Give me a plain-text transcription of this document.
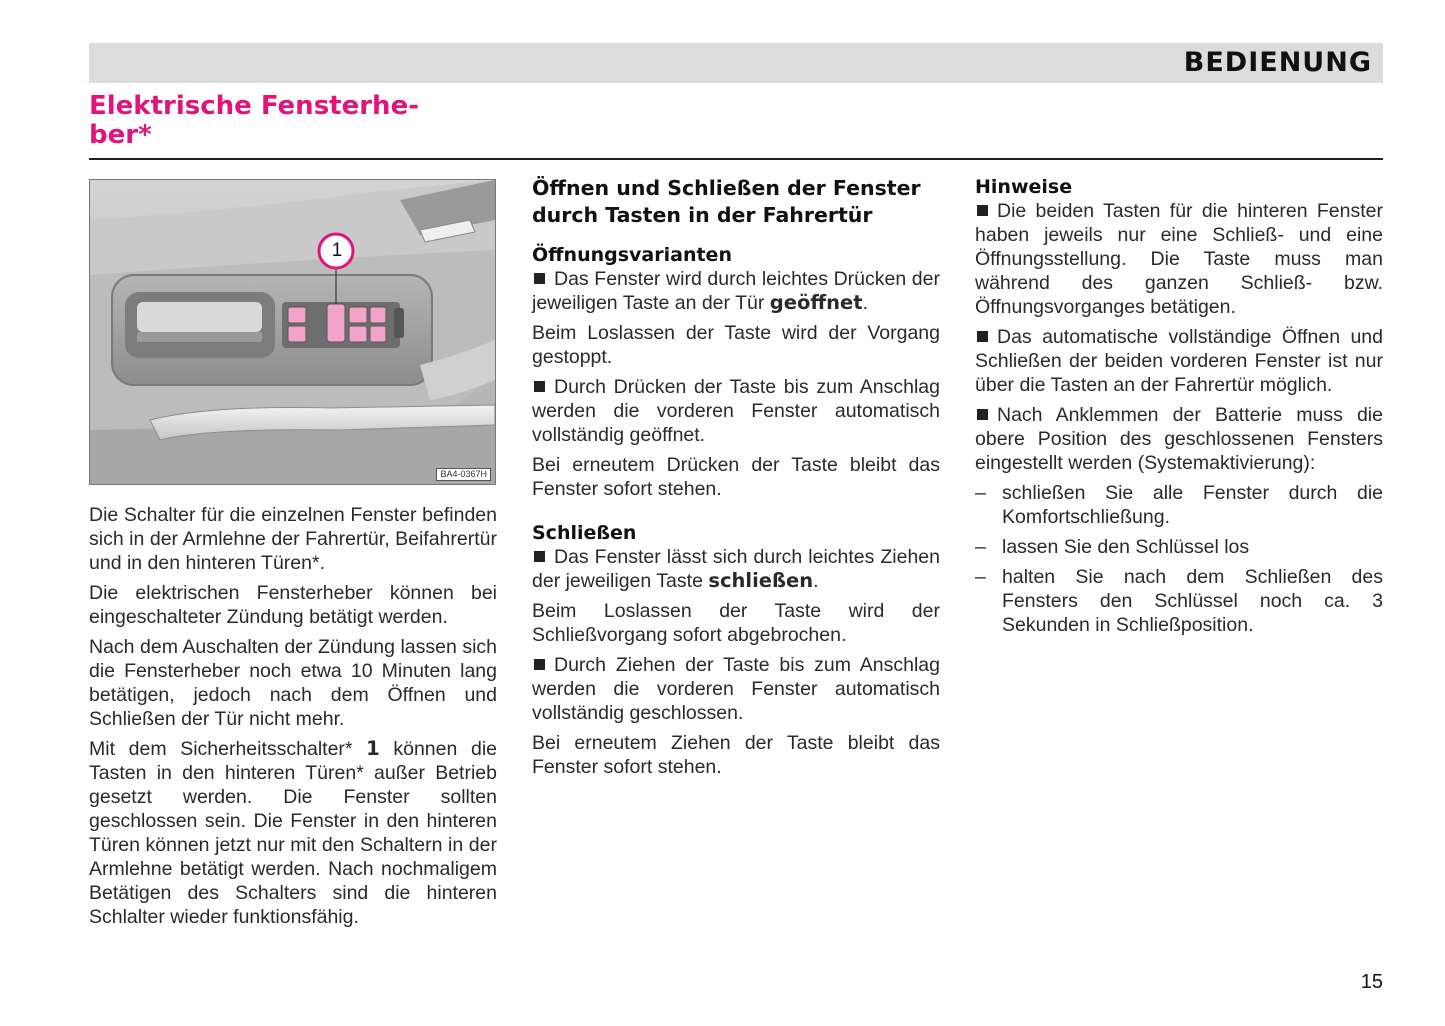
BEDIENUNG
Elektrische Fensterhe-
ber*
1
BA4-0367H

Die Schalter für die einzelnen Fenster befinden sich in der Armlehne der Fahrertür, Beifahrertür und in den hinteren Türen*.

Die elektrischen Fensterheber können bei eingeschalteter Zündung betätigt werden.

Nach dem Auschalten der Zündung lassen sich die Fensterheber noch etwa 10 Minuten lang betätigen, jedoch nach dem Öffnen und Schließen der Tür nicht mehr.

Mit dem Sicherheitsschalter* 1 können die Tasten in den hinteren Türen* außer Betrieb gesetzt werden. Die Fenster sollten geschlossen sein. Die Fenster in den hinteren Türen können jetzt nur mit den Schaltern in der Armlehne betätigt werden. Nach nochmaligem Betätigen des Schalters sind die hinteren Schlalter wieder funktionsfähig.

Öffnen und Schließen der Fenster durch Tasten in der Fahrertür
Öffnungsvarianten

Das Fenster wird durch leichtes Drücken der jeweiligen Taste an der Tür geöffnet.

Beim Loslassen der Taste wird der Vorgang gestoppt.

Durch Drücken der Taste bis zum Anschlag werden die vorderen Fenster automatisch vollständig geöffnet.

Bei erneutem Drücken der Taste bleibt das Fenster sofort stehen.

Schließen

Das Fenster lässt sich durch leichtes Ziehen der jeweiligen Taste schließen.

Beim Loslassen der Taste wird der Schließvorgang sofort abgebrochen.

Durch Ziehen der Taste bis zum Anschlag werden die vorderen Fenster automatisch vollständig geschlossen.

Bei erneutem Ziehen der Taste bleibt das Fenster sofort stehen.

Hinweise

Die beiden Tasten für die hinteren Fenster haben jeweils nur eine Schließ- und eine Öffnungsstellung. Die Taste muss man während des ganzen Schließ- bzw. Öffnungsvorganges betätigen.

Das automatische vollständige Öffnen und Schließen der beiden vorderen Fenster ist nur über die Tasten an der Fahrertür möglich.

Nach Anklemmen der Batterie muss die obere Position des geschlossenen Fensters eingestellt werden (Systemaktivierung):

– schließen Sie alle Fenster durch die Komfortschließung.
– lassen Sie den Schlüssel los
– halten Sie nach dem Schließen des Fensters den Schlüssel noch ca. 3 Sekunden in Schließposition.
15
